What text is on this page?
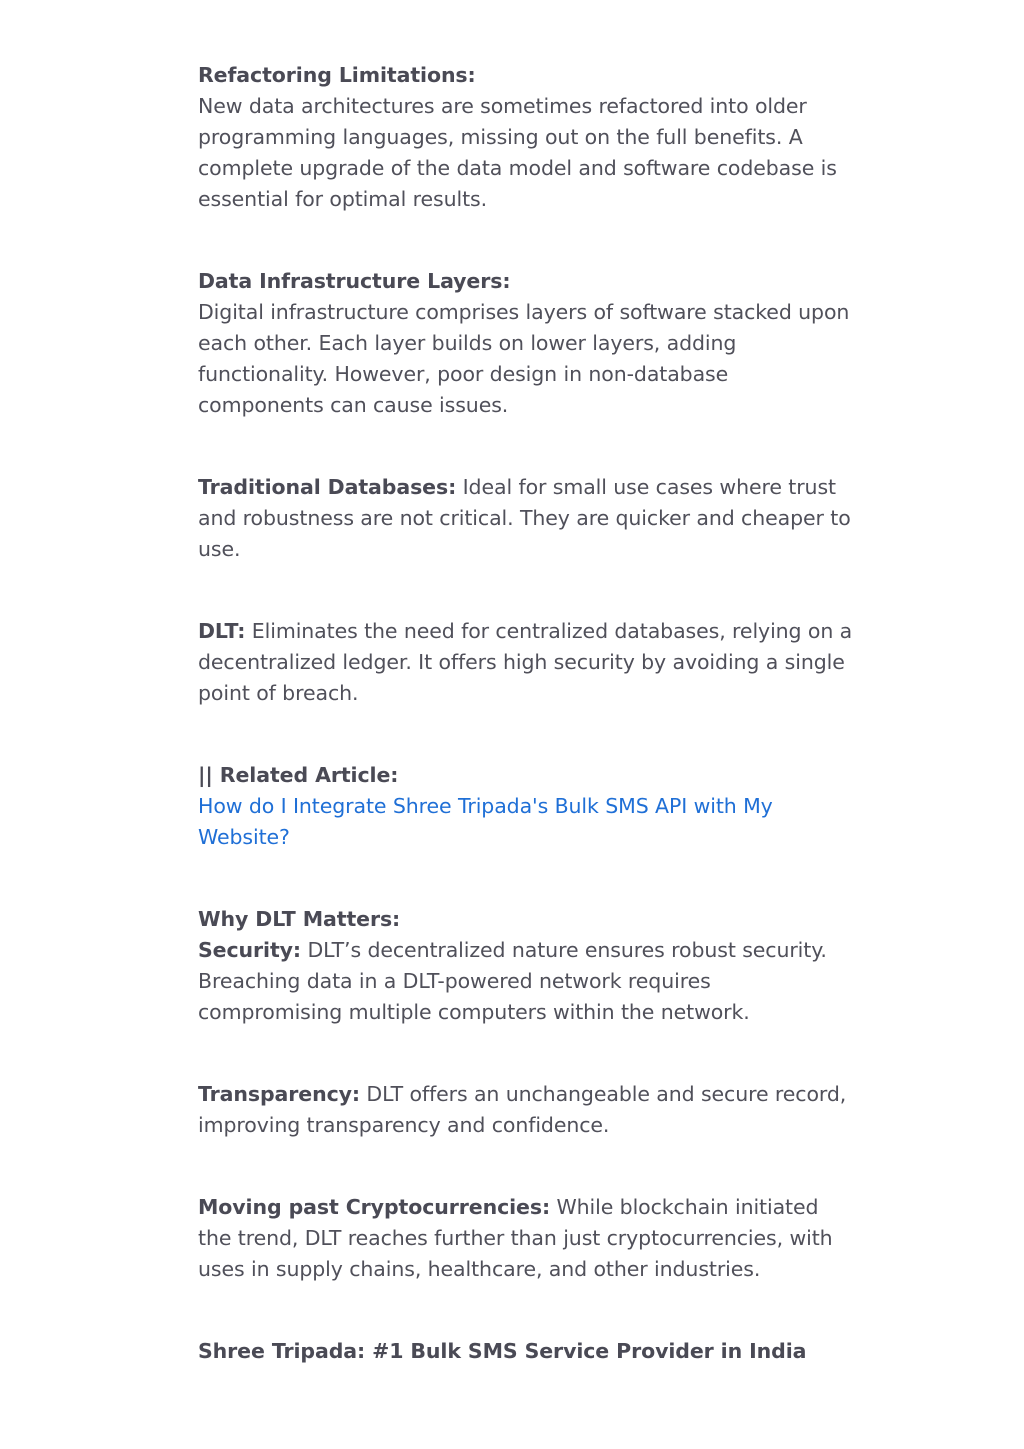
Refactoring Limitations:
New data architectures are sometimes refactored into older programming languages, missing out on the full benefits. A complete upgrade of the data model and software codebase is essential for optimal results.

Data Infrastructure Layers:
Digital infrastructure comprises layers of software stacked upon each other. Each layer builds on lower layers, adding functionality. However, poor design in non-database components can cause issues.

Traditional Databases: Ideal for small use cases where trust and robustness are not critical. They are quicker and cheaper to use.

DLT: Eliminates the need for centralized databases, relying on a decentralized ledger. It offers high security by avoiding a single point of breach.

|| Related Article:
How do I Integrate Shree Tripada's Bulk SMS API with My Website?

Why DLT Matters:
Security: DLT’s decentralized nature ensures robust security. Breaching data in a DLT-powered network requires compromising multiple computers within the network.

Transparency: DLT offers an unchangeable and secure record, improving transparency and confidence.

Moving past Cryptocurrencies: While blockchain initiated the trend, DLT reaches further than just cryptocurrencies, with uses in supply chains, healthcare, and other industries.

Shree Tripada: #1 Bulk SMS Service Provider in India
